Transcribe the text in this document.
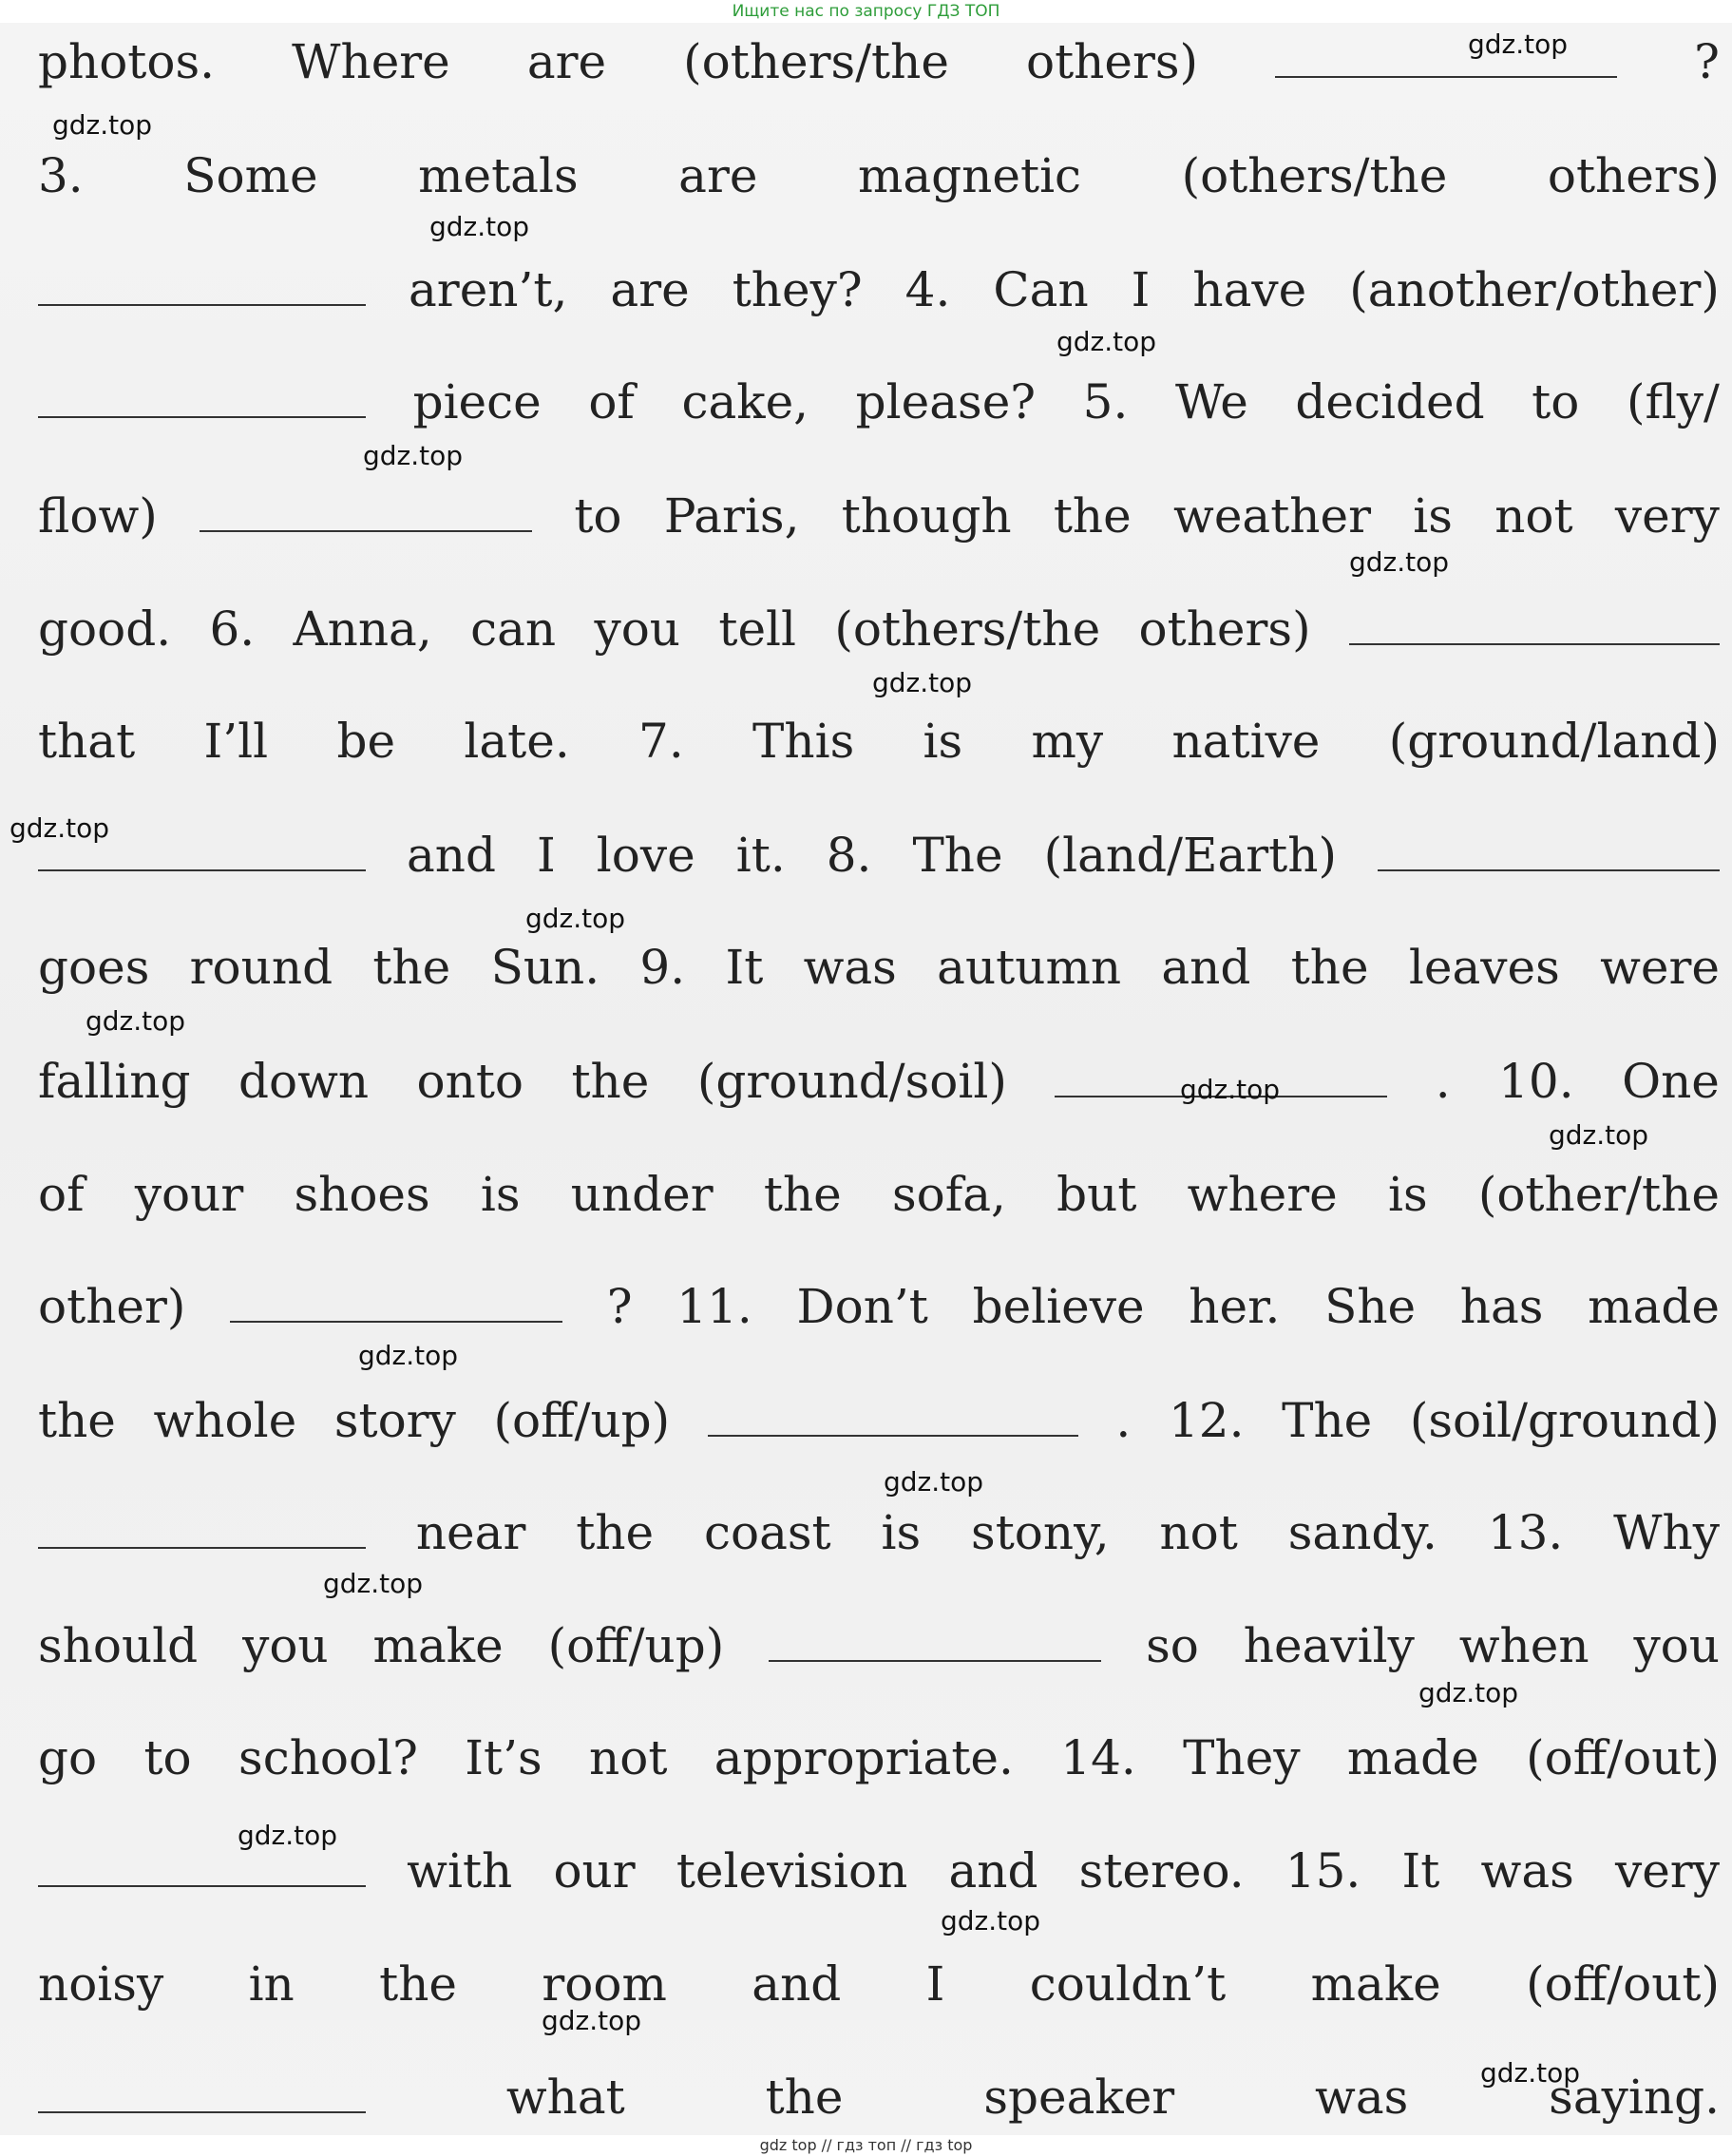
Ищите нас по запросу ГДЗ ТОП
photos. Where are (others/the others)	?
3. Some metals are magnetic (others/the others)
aren’t, are they? 4. Can I have (another/other)
piece of cake, please? 5. We decided to (fly/
flow)	to Paris, though the weather is not very
good. 6. Anna, can you tell (others/the others)
that I’ll be late. 7. This is my native (ground/land)
and I love it. 8. The (land/Earth)
goes round the Sun. 9. It was autumn and the leaves were
falling down onto the (ground/soil)	. 10. One
of your shoes is under the sofa, but where is (other/the
other)	? 11. Don’t believe her. She has made
the whole story (off/up)	. 12. The (soil/ground)
near the coast is stony, not sandy. 13. Why
should you make (off/up)	so heavily when you
go to school? It’s not appropriate. 14. They made (off/out)
with our television and stereo. 15. It was very
noisy in the room and I couldn’t make (off/out)
what	the	speaker	was	saying.
gdz.top
gdz.top
gdz.top
gdz.top
gdz.top
gdz.top
gdz.top
gdz.top
gdz.top
gdz.top
gdz.top
gdz.top
gdz.top
gdz.top
gdz.top
gdz.top
gdz.top
gdz.top
gdz.top
gdz.top
gdz top // гдз топ // гдз top
